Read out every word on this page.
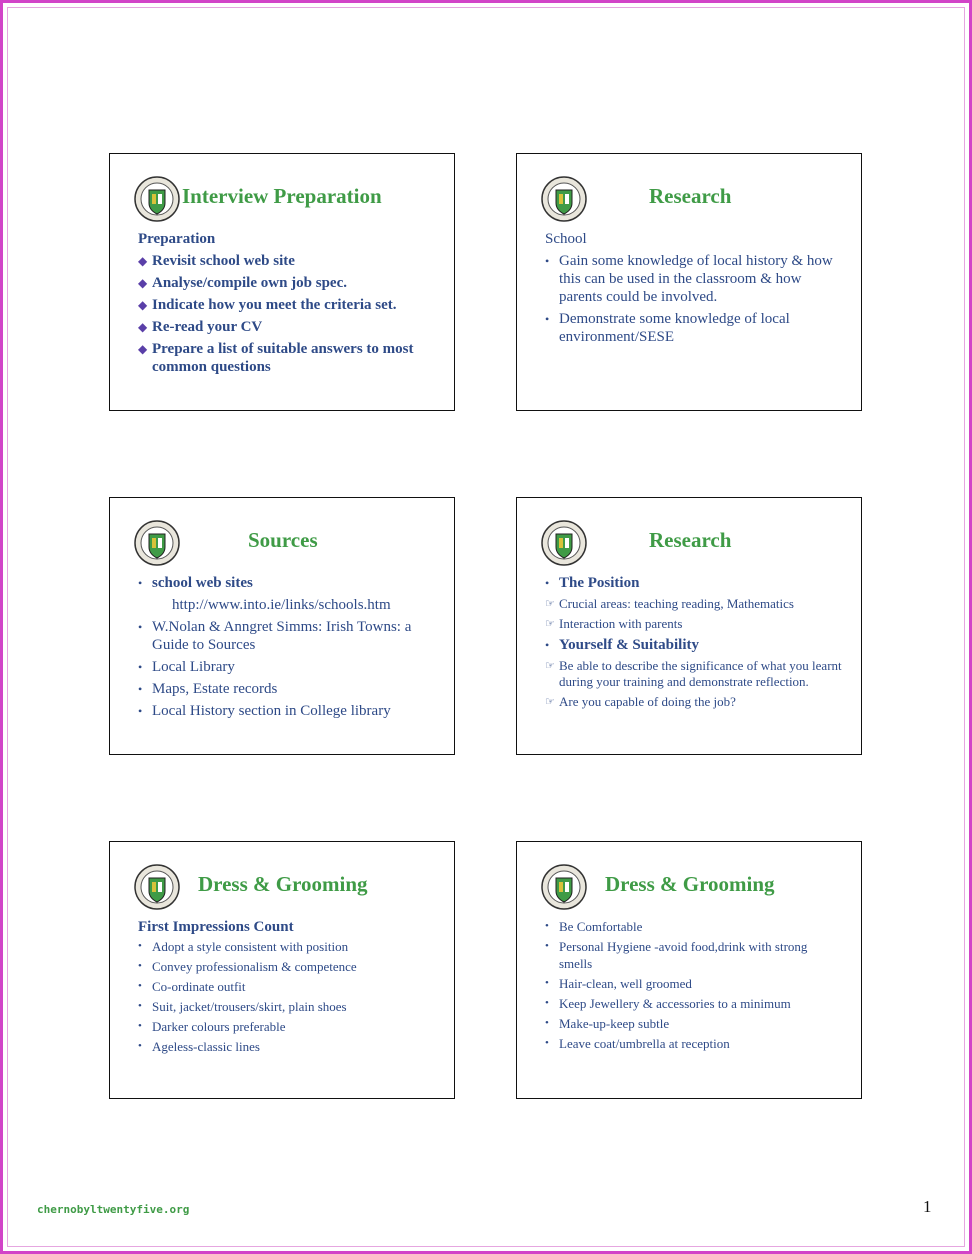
Interview Preparation
Preparation
◆ Revisit school web site
◆ Analyse/compile own job spec.
◆ Indicate how you meet the criteria set.
◆ Re-read your CV
◆ Prepare a list of suitable answers to most common questions
Research
School
• Gain some knowledge of local history & how this can be used in the classroom & how parents could be involved.
• Demonstrate some knowledge of local environment/SESE
Sources
• school web sites
http://www.into.ie/links/schools.htm
• W.Nolan & Anngret Simms: Irish Towns: a Guide to Sources
• Local Library
• Maps, Estate records
• Local History section in College library
Research
• The Position
☞ Crucial areas: teaching reading, Mathematics
☞ Interaction with parents
• Yourself & Suitability
☞ Be able to describe the significance of what you learnt during your training and demonstrate reflection.
☞ Are you capable of doing the job?
Dress & Grooming
First Impressions Count
• Adopt a style consistent with position
• Convey professionalism & competence
• Co-ordinate outfit
• Suit, jacket/trousers/skirt, plain shoes
• Darker colours preferable
• Ageless-classic lines
Dress & Grooming
• Be Comfortable
• Personal Hygiene -avoid food,drink with strong smells
• Hair-clean, well groomed
• Keep Jewellery & accessories to a minimum
• Make-up-keep subtle
• Leave coat/umbrella at reception
chernobyltwentyfive.org	1
